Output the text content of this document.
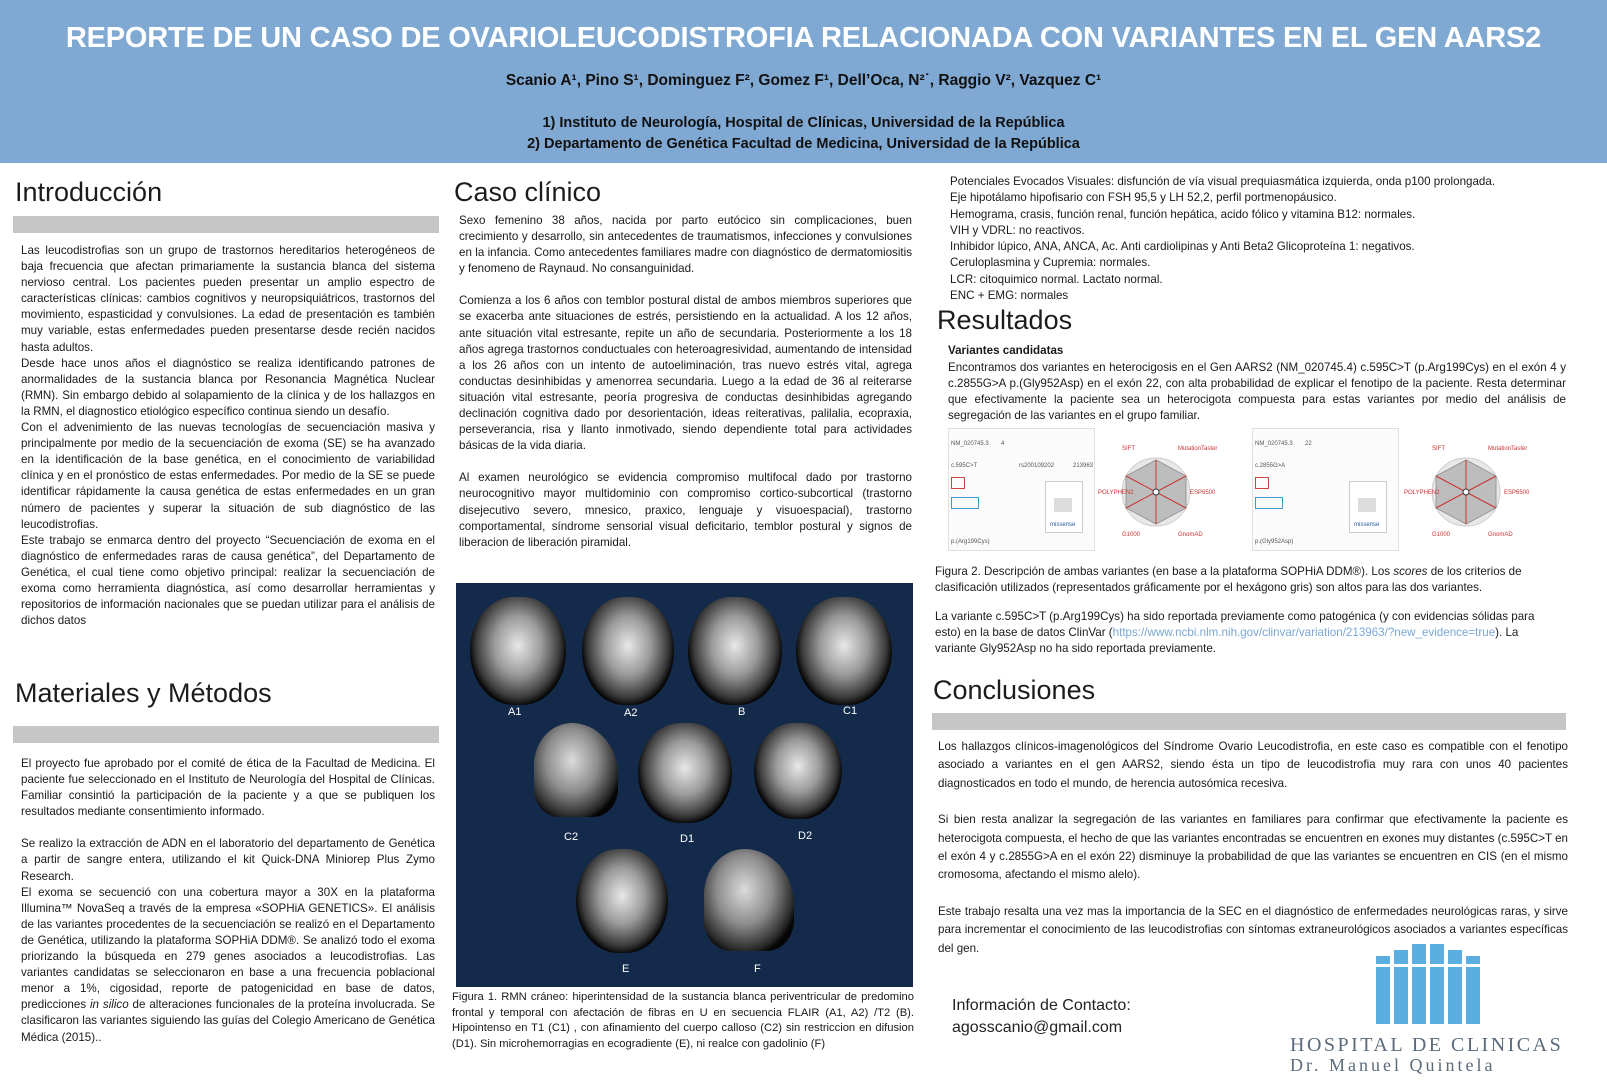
REPORTE DE UN CASO DE OVARIOLEUCODISTROFIA RELACIONADA CON VARIANTES EN EL GEN AARS2
Scanio A¹, Pino S¹, Dominguez F², Gomez F¹, Dell’Oca, N²˙, Raggio V², Vazquez C¹
1) Instituto de Neurología, Hospital de Clínicas, Universidad de la República
2) Departamento de Genética Facultad de Medicina, Universidad de la República
Introducción

Las leucodistrofias son un grupo de trastornos hereditarios heterogéneos de baja frecuencia que afectan primariamente la sustancia blanca del sistema nervioso central. Los pacientes pueden presentar un amplio espectro de características clínicas: cambios cognitivos y neuropsiquiátricos, trastornos del movimiento, espasticidad y convulsiones. La edad de presentación es también muy variable, estas enfermedades pueden presentarse desde recién nacidos hasta adultos.

Desde hace unos años el diagnóstico se realiza identificando patrones de anormalidades de la sustancia blanca por Resonancia Magnética Nuclear (RMN). Sin embargo debido al solapamiento de la clínica y de los hallazgos en la RMN, el diagnostico etiológico específico continua siendo un desafío.

Con el advenimiento de las nuevas tecnologías de secuenciación masiva y principalmente por medio de la secuenciación de exoma (SE) se ha avanzado en la identificación de la base genética, en el conocimiento de variabilidad clínica y en el pronóstico de estas enfermedades. Por medio de la SE se puede identificar rápidamente la causa genética de estas enfermedades en un gran número de pacientes y superar la situación de sub diagnóstico de las leucodistrofias.

Este trabajo se enmarca dentro del proyecto “Secuenciación de exoma en el diagnóstico de enfermedades raras de causa genética”, del Departamento de Genética, el cual tiene como objetivo principal: realizar la secuenciación de exoma como herramienta diagnóstica, así como desarrollar herramientas y repositorios de información nacionales que se puedan utilizar para el análisis de dichos datos

Materiales y Métodos

El proyecto fue aprobado por el comité de ética de la Facultad de Medicina. El paciente fue seleccionado en el Instituto de Neurología del Hospital de Clínicas. Familiar consintió la participación de la paciente y a que se publiquen los resultados mediante consentimiento informado.

Se realizo la extracción de ADN en el laboratorio del departamento de Genética a partir de sangre entera, utilizando el kit Quick-DNA Miniorep Plus Zymo Research.

El exoma se secuenció con una cobertura mayor a 30X en la plataforma Illumina™ NovaSeq a través de la empresa «SOPHiA GENETICS». El análisis de las variantes procedentes de la secuenciación se realizó en el Departamento de Genética, utilizando la plataforma SOPHiA DDM®. Se analizó todo el exoma priorizando la búsqueda en 279 genes asociados a leucodistrofias. Las variantes candidatas se seleccionaron en base a una frecuencia poblacional menor a 1%, cigosidad, reporte de patogenicidad en base de datos, predicciones in silico de alteraciones funcionales de la proteína involucrada. Se clasificaron las variantes siguiendo las guías del Colegio Americano de Genética Médica (2015)..

Caso clínico

Sexo femenino 38 años, nacida por parto eutócico sin complicaciones, buen crecimiento y desarrollo, sin antecedentes de traumatismos, infecciones y convulsiones en la infancia. Como antecedentes familiares madre con diagnóstico de dermatomiositis y fenomeno de Raynaud. No consanguinidad.

Comienza a los 6 años con temblor postural distal de ambos miembros superiores que se exacerba ante situaciones de estrés, persistiendo en la actualidad. A los 12 años, ante situación vital estresante, repite un año de secundaria. Posteriormente a los 18 años agrega trastornos conductuales con heteroagresividad, aumentando de intensidad a los 26 años con un intento de autoeliminación, tras nuevo estrés vital, agrega conductas desinhibidas y amenorrea secundaria. Luego a la edad de 36 al reiterarse situación vital estresante, peoría progresiva de conductas desinhibidas agregando declinación cognitiva dado por desorientación, ideas reiterativas, palilalia, ecopraxia, perseverancia, risa y llanto inmotivado, siendo dependiente total para actividades básicas de la vida diaria.

Al examen neurológico se evidencia compromiso multifocal dado por trastorno neurocognitivo mayor multidominio con compromiso cortico-subcortical (trastorno disejecutivo severo, mnesico, praxico, lenguaje y visuoespacial), trastorno comportamental, síndrome sensorial visual deficitario, temblor postural y signos de liberacion de liberación piramidal.

A1	A2	B	C1
C2	D1	D2
E	F

Figura 1. RMN cráneo: hiperintensidad de la sustancia blanca periventricular de predomino frontal y temporal con afectación de fibras en U en secuencia FLAIR (A1, A2) /T2 (B). Hipointenso en T1 (C1) , con afinamiento del cuerpo calloso (C2) sin restriccion en difusion (D1). Sin microhemorragias en ecogradiente (E), ni realce con gadolinio (F)

Potenciales Evocados Visuales: disfunción de vía visual prequiasmática izquierda, onda p100 prolongada.
Eje hipotálamo hipofisario con FSH 95,5 y LH 52,2, perfil portmenopáusico.
Hemograma, crasis, función renal, función hepática, acido fólico y vitamina B12: normales.
VIH y VDRL: no reactivos.
Inhibidor lúpico, ANA, ANCA, Ac. Anti cardiolipinas y Anti Beta2 Glicoproteína 1: negativos.
Ceruloplasmina y Cupremia: normales.
LCR: citoquimico normal. Lactato normal.
ENC + EMG: normales
Resultados
Variantes candidatas

Encontramos dos variantes en heterocigosis en el Gen AARS2 (NM_020745.4) c.595C>T (p.Arg199Cys) en el exón 4 y c.2855G>A p.(Gly952Asp) en el exón 22, con alta probabilidad de explicar el fenotipo de la paciente. Resta determinar que efectivamente la paciente sea un heterocigota compuesta para estas variantes por medio del análisis de segregación de las variantes en el grupo familiar.

NM_020745.3 4
c.595C>T
p.(Arg199Cys)
rs200109202	213963
missense
SIFT	MutationTaster
POLYPHEN2	ESP6500
G1000	GnomAD
NM_020745.3 22
c.2855G>A
p.(Gly952Asp)
missense
SIFT	MutationTaster
POLYPHEN2	ESP6500
G1000	GnomAD

Figura 2. Descripción de ambas variantes (en base a la plataforma SOPHiA DDM®). Los scores de los criterios de clasificación utilizados (representados gráficamente por el hexágono gris) son altos para las dos variantes.

La variante c.595C>T (p.Arg199Cys) ha sido reportada previamente como patogénica (y con evidencias sólidas para esto) en la base de datos ClinVar (https://www.ncbi.nlm.nih.gov/clinvar/variation/213963/?new_evidence=true). La variante Gly952Asp no ha sido reportada previamente.

Conclusiones

Los hallazgos clínicos-imagenológicos del Síndrome Ovario Leucodistrofia, en este caso es compatible con el fenotipo asociado a variantes en el gen AARS2, siendo ésta un tipo de leucodistrofia muy rara con unos 40 pacientes diagnosticados en todo el mundo, de herencia autosómica recesiva.

Si bien resta analizar la segregación de las variantes en familiares para confirmar que efectivamente la paciente es heterocigota compuesta, el hecho de que las variantes encontradas se encuentren en exones muy distantes (c.595C>T en el exón 4 y c.2855G>A en el exón 22) disminuye la probabilidad de que las variantes se encuentren en CIS (en el mismo cromosoma, afectando el mismo alelo).

Este trabajo resalta una vez mas la importancia de la SEC en el diagnóstico de enfermedades neurológicas raras, y sirve para incrementar el conocimiento de las leucodistrofias con síntomas extraneurológicos asociados a variantes específicas del gen.

Información de Contacto:
agosscanio@gmail.com
HOSPITAL DE CLINICAS
Dr. Manuel Quintela
